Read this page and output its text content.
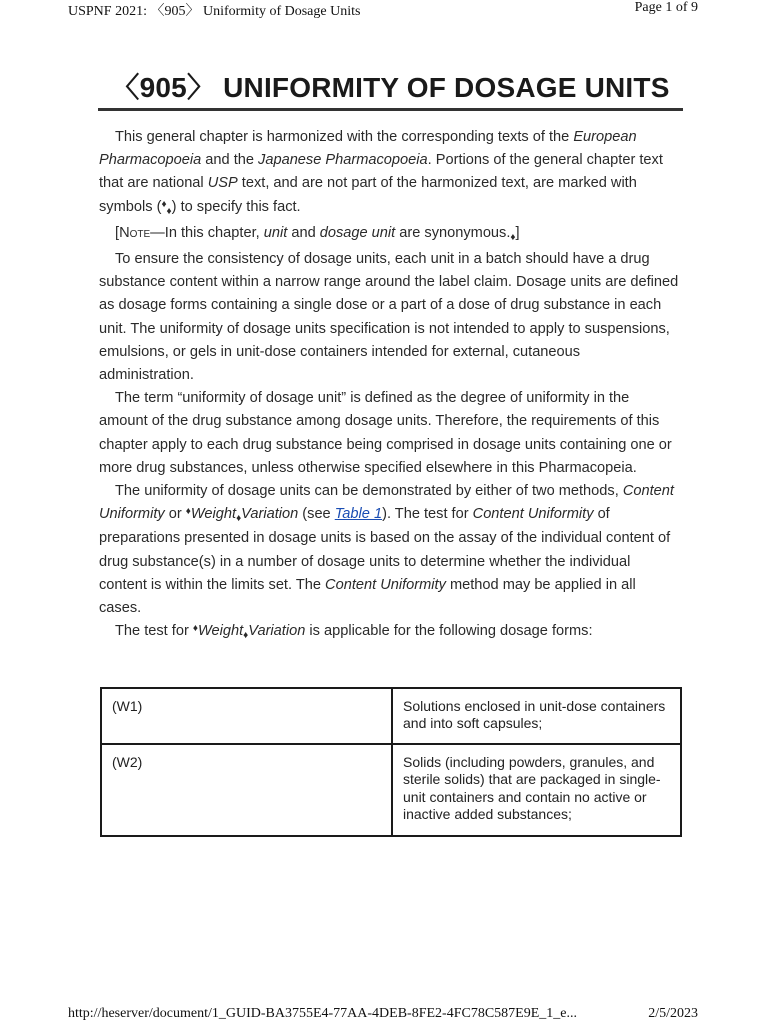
USPNF 2021: 〈905〉 Uniformity of Dosage Units	Page 1 of 9
〈905〉 UNIFORMITY OF DOSAGE UNITS

This general chapter is harmonized with the corresponding texts of the European Pharmacopoeia and the Japanese Pharmacopoeia. Portions of the general chapter text that are national USP text, and are not part of the harmonized text, are marked with symbols $(^♦_♦)$ to specify this fact.

[Note—In this chapter, unit and dosage unit are $synonymous._♦$]

To ensure the consistency of dosage units, each unit in a batch should have a drug substance content within a narrow range around the label claim. Dosage units are defined as dosage forms containing a single dose or a part of a dose of drug substance in each unit. The uniformity of dosage units specification is not intended to apply to suspensions, emulsions, or gels in unit-dose containers intended for external, cutaneous administration.

The term “uniformity of dosage unit” is defined as the degree of uniformity in the amount of the drug substance among dosage units. Therefore, the requirements of this chapter apply to each drug substance being comprised in dosage units containing one or more drug substances, unless otherwise specified elsewhere in this Pharmacopeia.

The uniformity of dosage units can be demonstrated by either of two methods, Content Uniformity or ♦Weight$_♦$Variation (see Table 1). The test for Content Uniformity of preparations presented in dosage units is based on the assay of the individual content of drug substance(s) in a number of dosage units to determine whether the individual content is within the limits set. The Content Uniformity method may be applied in all cases.

The test for ♦Weight$_♦$Variation is applicable for the following dosage forms:

(W1)	Solutions enclosed in unit-dose containers and into soft capsules;
(W2)	Solids (including powders, granules, and sterile solids) that are packaged in single-unit containers and contain no active or inactive added substances;
http://heserver/document/1_GUID-BA3755E4-77AA-4DEB-8FE2-4FC78C587E9E_1_e...	2/5/2023
